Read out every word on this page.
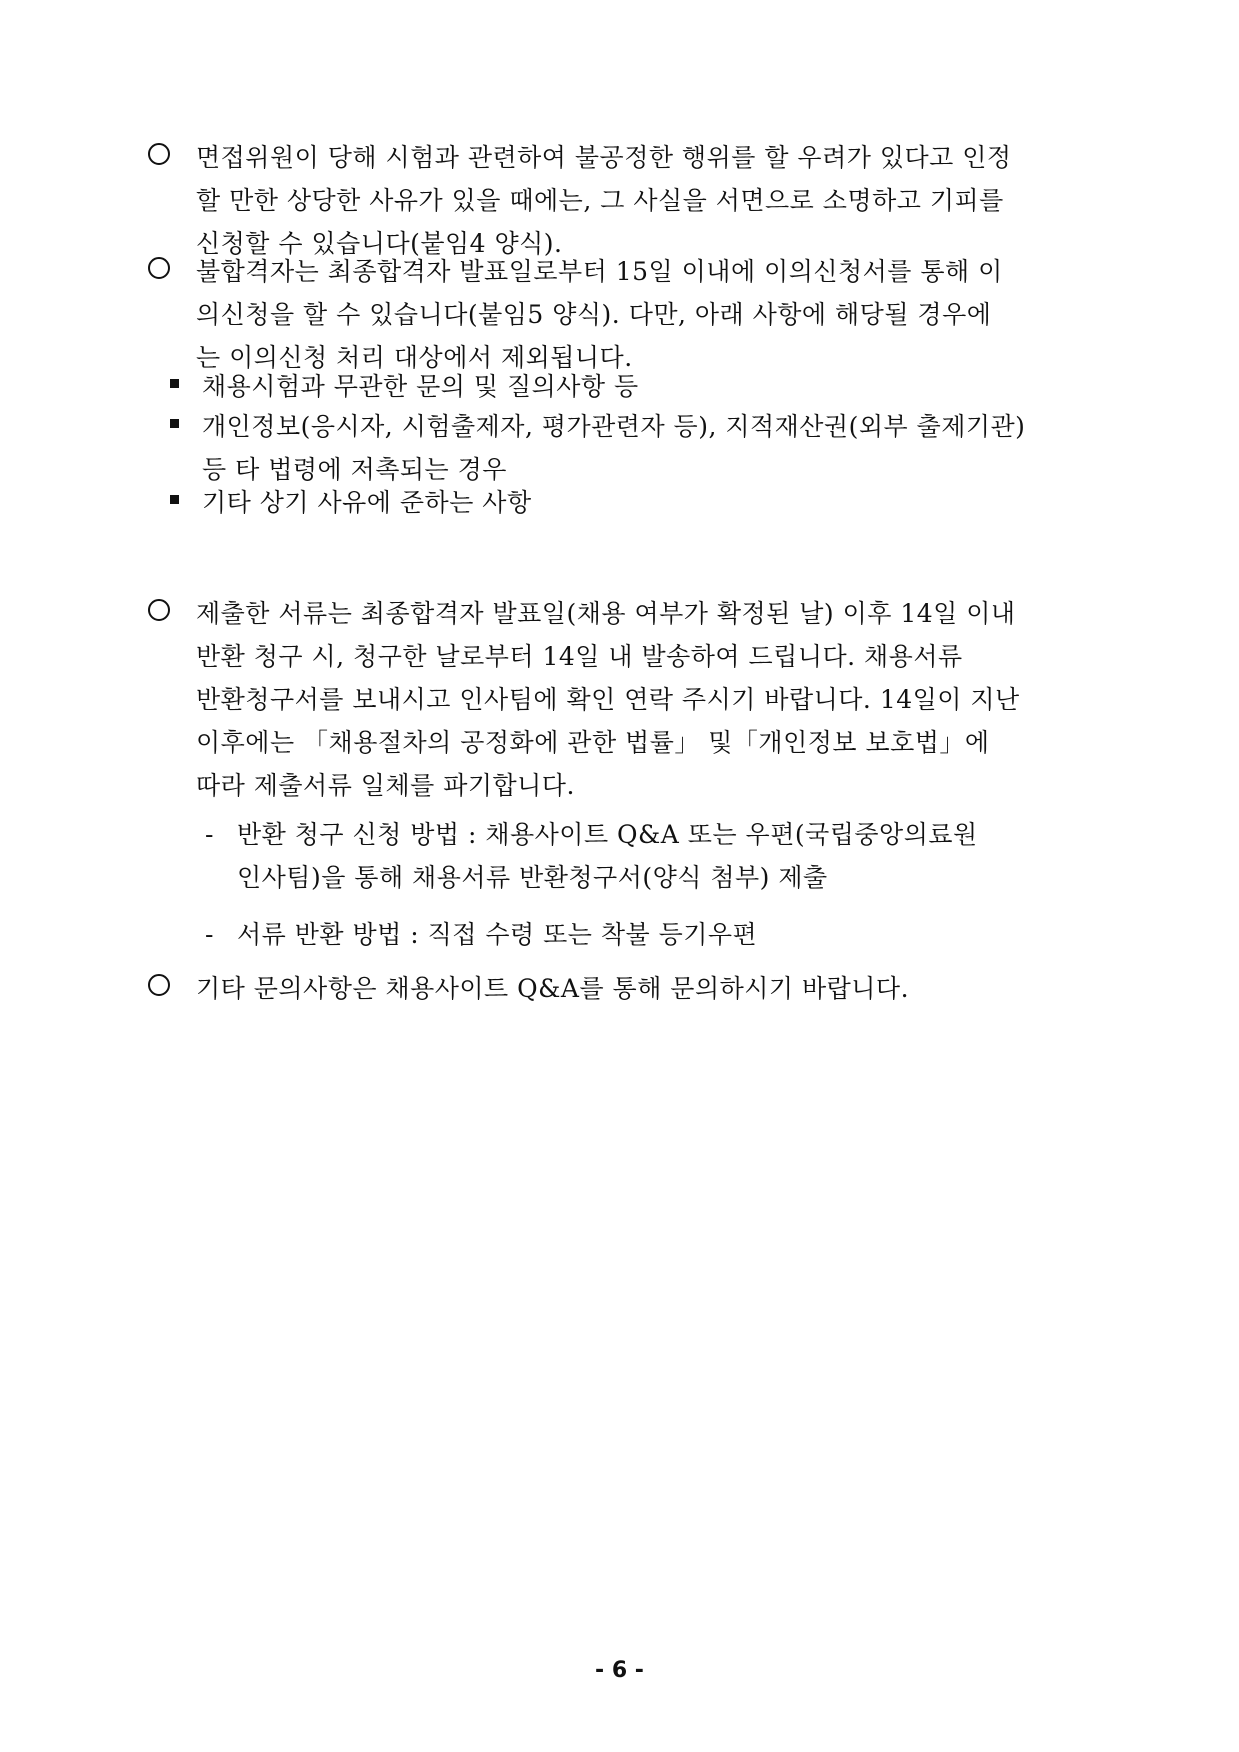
면접위원이 당해 시험과 관련하여 불공정한 행위를 할 우려가 있다고 인정
할 만한 상당한 사유가 있을 때에는, 그 사실을 서면으로 소명하고 기피를
신청할 수 있습니다(붙임4 양식).
불합격자는 최종합격자 발표일로부터 15일 이내에 이의신청서를 통해 이
의신청을 할 수 있습니다(붙임5 양식). 다만, 아래 사항에 해당될 경우에
는 이의신청 처리 대상에서 제외됩니다.
채용시험과 무관한 문의 및 질의사항 등
개인정보(응시자, 시험출제자, 평가관련자 등), 지적재산권(외부 출제기관)
등 타 법령에 저촉되는 경우
기타 상기 사유에 준하는 사항
제출한 서류는 최종합격자 발표일(채용 여부가 확정된 날) 이후 14일 이내
반환 청구 시, 청구한 날로부터 14일 내 발송하여 드립니다. 채용서류
반환청구서를 보내시고 인사팀에 확인 연락 주시기 바랍니다. 14일이 지난
이후에는 「채용절차의 공정화에 관한 법률」 및「개인정보 보호법」에
따라 제출서류 일체를 파기합니다.
- 반환 청구 신청 방법 : 채용사이트 Q&A 또는 우편(국립중앙의료원
인사팀)을 통해 채용서류 반환청구서(양식 첨부) 제출
- 서류 반환 방법 : 직접 수령 또는 착불 등기우편
기타 문의사항은 채용사이트 Q&A를 통해 문의하시기 바랍니다.
- 6 -
